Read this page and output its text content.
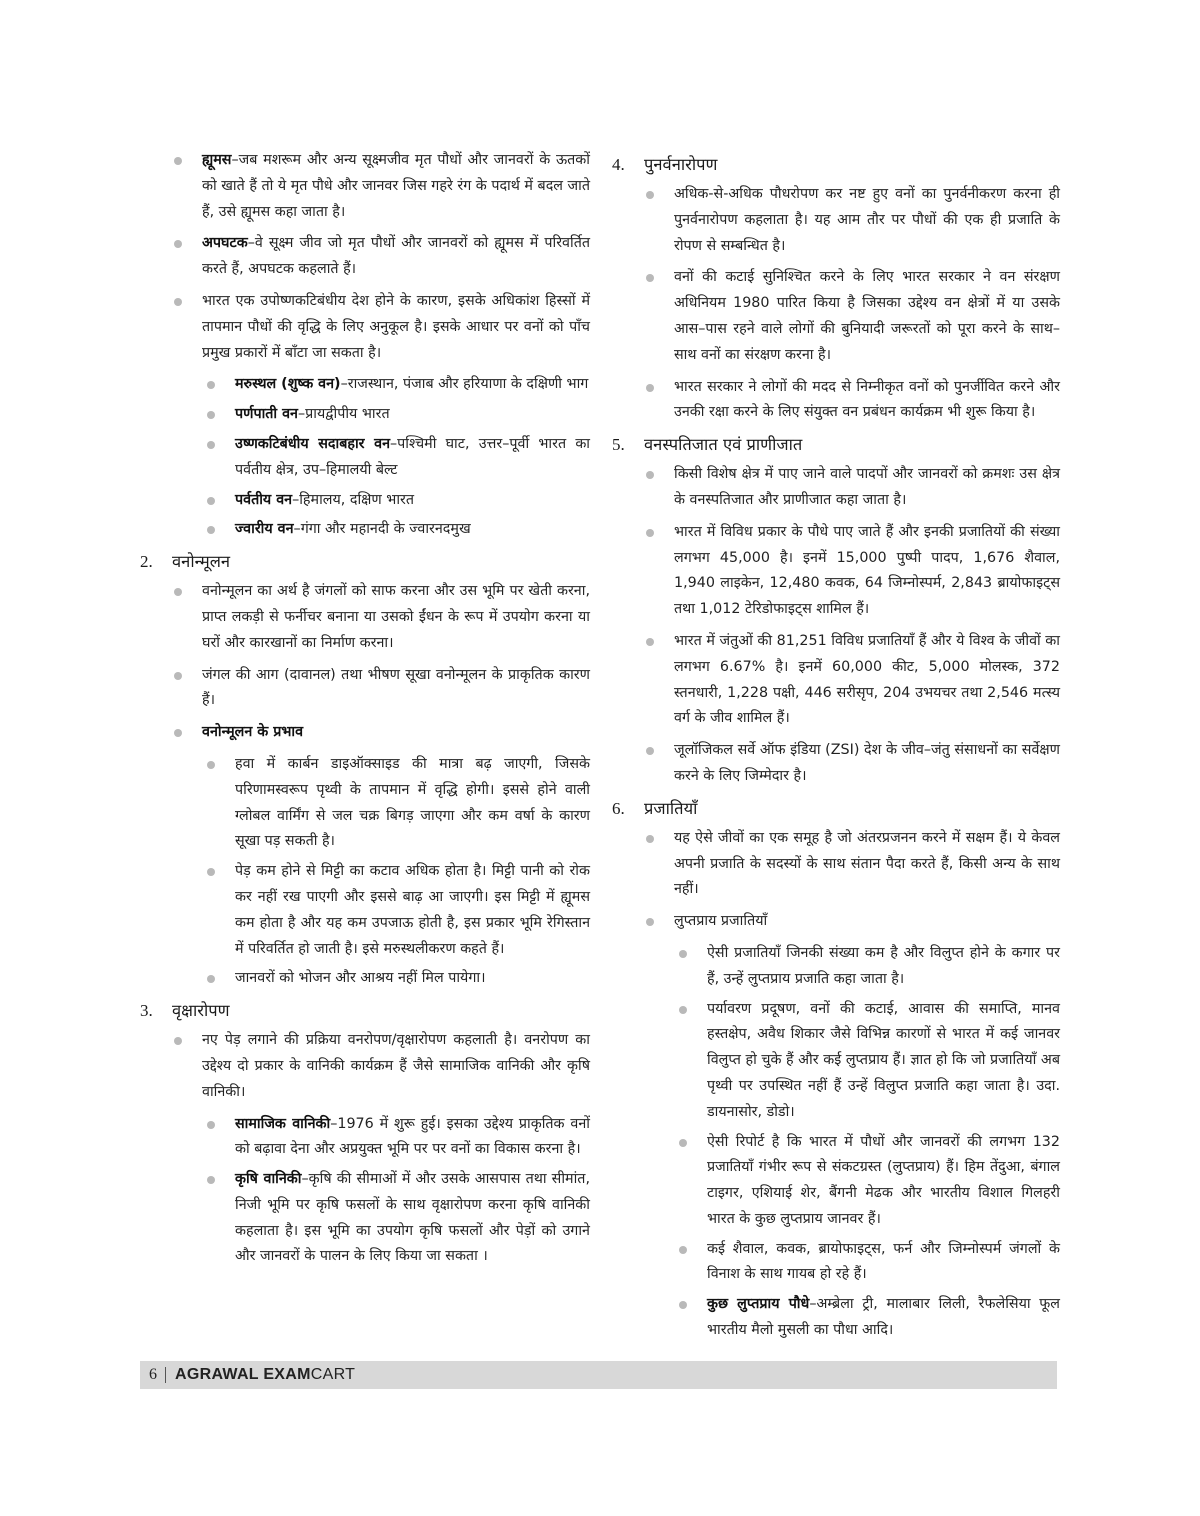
ह्यूमस–जब मशरूम और अन्य सूक्ष्मजीव मृत पौधों और जानवरों के ऊतकों को खाते हैं तो ये मृत पौधे और जानवर जिस गहरे रंग के पदार्थ में बदल जाते हैं, उसे ह्यूमस कहा जाता है।
अपघटक–वे सूक्ष्म जीव जो मृत पौधों और जानवरों को ह्यूमस में परिवर्तित करते हैं, अपघटक कहलाते हैं।
भारत एक उपोष्णकटिबंधीय देश होने के कारण, इसके अधिकांश हिस्सों में तापमान पौधों की वृद्धि के लिए अनुकूल है। इसके आधार पर वनों को पाँच प्रमुख प्रकारों में बाँटा जा सकता है।
मरुस्थल (शुष्क वन)–राजस्थान, पंजाब और हरियाणा के दक्षिणी भाग
पर्णपाती वन–प्रायद्वीपीय भारत
उष्णकटिबंधीय सदाबहार वन–पश्चिमी घाट, उत्तर–पूर्वी भारत का पर्वतीय क्षेत्र, उप–हिमालयी बेल्ट
पर्वतीय वन–हिमालय, दक्षिण भारत
ज्वारीय वन–गंगा और महानदी के ज्वारनदमुख
2.	वनोन्मूलन
वनोन्मूलन का अर्थ है जंगलों को साफ करना और उस भूमि पर खेती करना, प्राप्त लकड़ी से फर्नीचर बनाना या उसको ईंधन के रूप में उपयोग करना या घरों और कारखानों का निर्माण करना।
जंगल की आग (दावानल) तथा भीषण सूखा वनोन्मूलन के प्राकृतिक कारण हैं।
वनोन्मूलन के प्रभाव
हवा में कार्बन डाइऑक्साइड की मात्रा बढ़ जाएगी, जिसके परिणामस्वरूप पृथ्वी के तापमान में वृद्धि होगी। इससे होने वाली ग्लोबल वार्मिंग से जल चक्र बिगड़ जाएगा और कम वर्षा के कारण सूखा पड़ सकती है।
पेड़ कम होने से मिट्टी का कटाव अधिक होता है। मिट्टी पानी को रोक कर नहीं रख पाएगी और इससे बाढ़ आ जाएगी। इस मिट्टी में ह्यूमस कम होता है और यह कम उपजाऊ होती है, इस प्रकार भूमि रेगिस्तान में परिवर्तित हो जाती है। इसे मरुस्थलीकरण कहते हैं।
जानवरों को भोजन और आश्रय नहीं मिल पायेगा।
3.	वृक्षारोपण
नए पेड़ लगाने की प्रक्रिया वनरोपण/वृक्षारोपण कहलाती है। वनरोपण का उद्देश्य दो प्रकार के वानिकी कार्यक्रम हैं जैसे सामाजिक वानिकी और कृषि वानिकी।
सामाजिक वानिकी–1976 में शुरू हुई। इसका उद्देश्य प्राकृतिक वनों को बढ़ावा देना और अप्रयुक्त भूमि पर पर वनों का विकास करना है।
कृषि वानिकी–कृषि की सीमाओं में और उसके आसपास तथा सीमांत, निजी भूमि पर कृषि फसलों के साथ वृक्षारोपण करना कृषि वानिकी कहलाता है। इस भूमि का उपयोग कृषि फसलों और पेड़ों को उगाने और जानवरों के पालन के लिए किया जा सकता ।
4.	पुनर्वनारोपण
अधिक-से-अधिक पौधरोपण कर नष्ट हुए वनों का पुनर्वनीकरण करना ही पुनर्वनारोपण कहलाता है। यह आम तौर पर पौधों की एक ही प्रजाति के रोपण से सम्बन्धित है।
वनों की कटाई सुनिश्चित करने के लिए भारत सरकार ने वन संरक्षण अधिनियम 1980 पारित किया है जिसका उद्देश्य वन क्षेत्रों में या उसके आस–पास रहने वाले लोगों की बुनियादी जरूरतों को पूरा करने के साथ–साथ वनों का संरक्षण करना है।
भारत सरकार ने लोगों की मदद से निम्नीकृत वनों को पुनर्जीवित करने और उनकी रक्षा करने के लिए संयुक्त वन प्रबंधन कार्यक्रम भी शुरू किया है।
5.	वनस्पतिजात एवं प्राणीजात
किसी विशेष क्षेत्र में पाए जाने वाले पादपों और जानवरों को क्रमशः उस क्षेत्र के वनस्पतिजात और प्राणीजात कहा जाता है।
भारत में विविध प्रकार के पौधे पाए जाते हैं और इनकी प्रजातियों की संख्या लगभग 45,000 है। इनमें 15,000 पुष्पी पादप, 1,676 शैवाल, 1,940 लाइकेन, 12,480 कवक, 64 जिम्नोस्पर्म, 2,843 ब्रायोफाइट्स तथा 1,012 टेरिडोफाइट्स शामिल हैं।
भारत में जंतुओं की 81,251 विविध प्रजातियाँ हैं और ये विश्व के जीवों का लगभग 6.67% है। इनमें 60,000 कीट, 5,000 मोलस्क, 372 स्तनधारी, 1,228 पक्षी, 446 सरीसृप, 204 उभयचर तथा 2,546 मत्स्य वर्ग के जीव शामिल हैं।
जूलॉजिकल सर्वे ऑफ इंडिया (ZSI) देश के जीव–जंतु संसाधनों का सर्वेक्षण करने के लिए जिम्मेदार है।
6.	प्रजातियाँ
यह ऐसे जीवों का एक समूह है जो अंतरप्रजनन करने में सक्षम हैं। ये केवल अपनी प्रजाति के सदस्यों के साथ संतान पैदा करते हैं, किसी अन्य के साथ नहीं।
लुप्तप्राय प्रजातियाँ
ऐसी प्रजातियाँ जिनकी संख्या कम है और विलुप्त होने के कगार पर हैं, उन्हें लुप्तप्राय प्रजाति कहा जाता है।
पर्यावरण प्रदूषण, वनों की कटाई, आवास की समाप्ति, मानव हस्तक्षेप, अवैध शिकार जैसे विभिन्न कारणों से भारत में कई जानवर विलुप्त हो चुके हैं और कई लुप्तप्राय हैं। ज्ञात हो कि जो प्रजातियाँ अब पृथ्वी पर उपस्थित नहीं हैं उन्हें विलुप्त प्रजाति कहा जाता है। उदा. डायनासोर, डोडो।
ऐसी रिपोर्ट है कि भारत में पौधों और जानवरों की लगभग 132 प्रजातियाँ गंभीर रूप से संकटग्रस्त (लुप्तप्राय) हैं। हिम तेंदुआ, बंगाल टाइगर, एशियाई शेर, बैंगनी मेढक और भारतीय विशाल गिलहरी भारत के कुछ लुप्तप्राय जानवर हैं।
कई शैवाल, कवक, ब्रायोफाइट्स, फर्न और जिम्नोस्पर्म जंगलों के विनाश के साथ गायब हो रहे हैं।
कुछ लुप्तप्राय पौधे–अम्ब्रेला ट्री, मालाबार लिली, रैफलेसिया फूल भारतीय मैलो मुसली का पौधा आदि।
6	AGRAWAL EXAMCART
